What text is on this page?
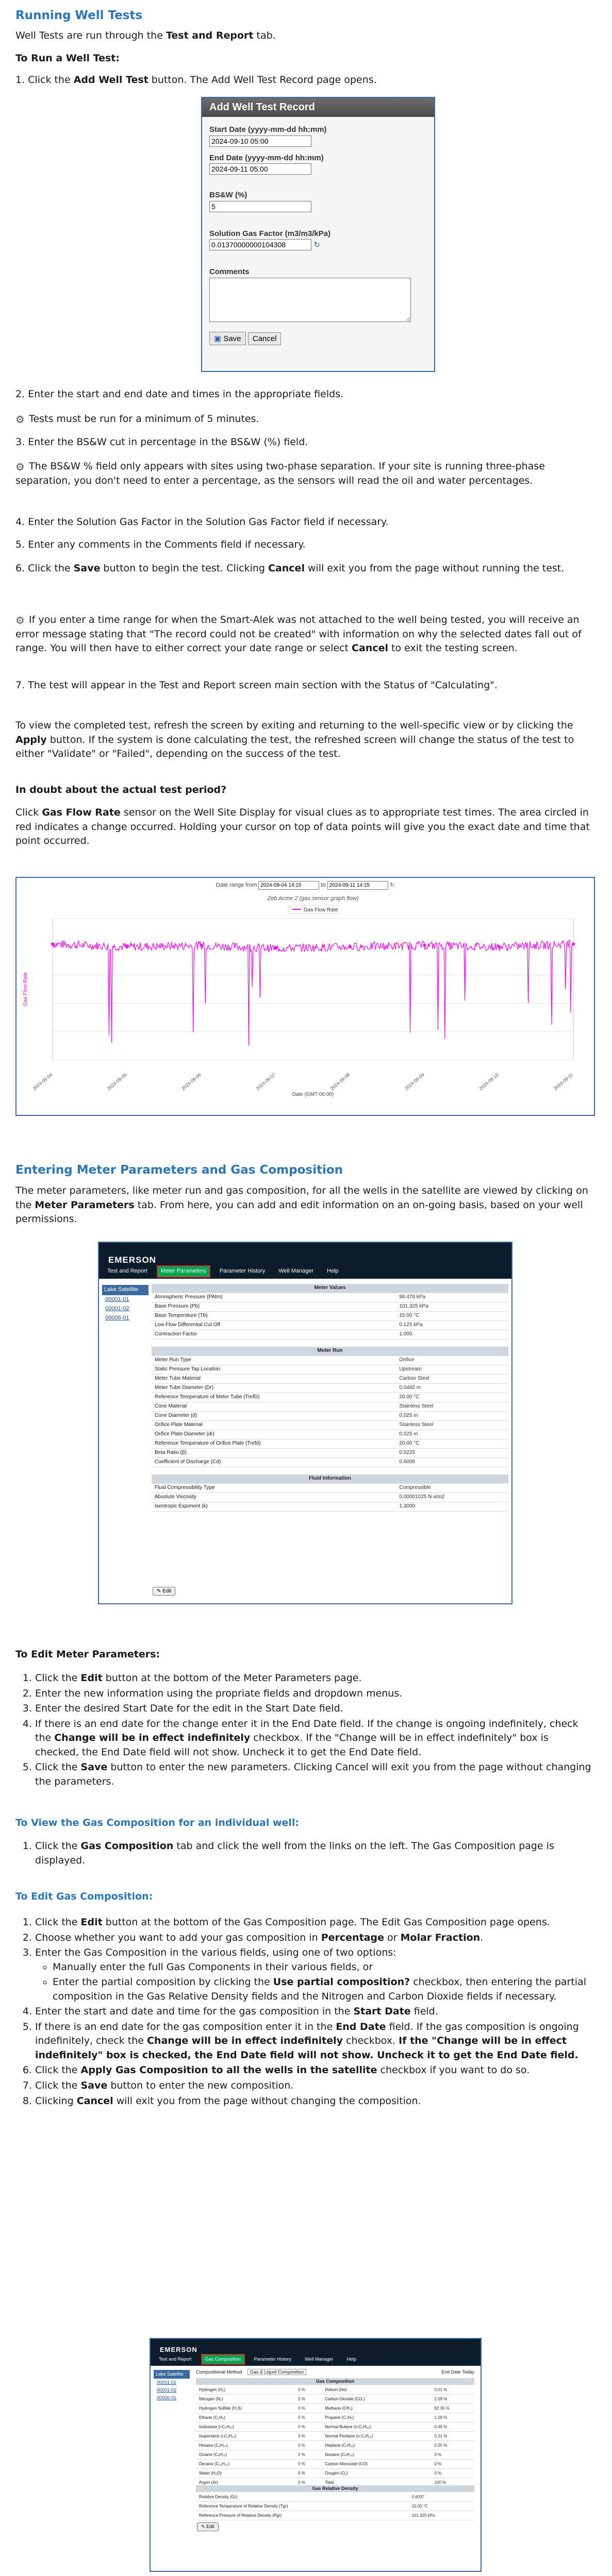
Running Well Tests

Well Tests are run through the Test and Report tab.

To Run a Well Test:

1. Click the Add Well Test button. The Add Well Test Record page opens.

Add Well Test Record
Start Date (yyyy-mm-dd hh:mm)
2024-09-10 05:00
End Date (yyyy-mm-dd hh:mm)
2024-09-11 05:00
BS&W (%)
5
Solution Gas Factor (m3/m3/kPa)
0.01370000000104308 ↻
Comments
▣ Save Cancel

2. Enter the start and end date and times in the appropriate fields.

⚙ Tests must be run for a minimum of 5 minutes.

3. Enter the BS&W cut in percentage in the BS&W (%) field.

⚙ The BS&W % field only appears with sites using two-phase separation. If your site is running three-phase separation, you don't need to enter a percentage, as the sensors will read the oil and water percentages.

4. Enter the Solution Gas Factor in the Solution Gas Factor field if necessary.

5. Enter any comments in the Comments field if necessary.

6. Click the Save button to begin the test. Clicking Cancel will exit you from the page without running the test.

⚙ If you enter a time range for when the Smart-Alek was not attached to the well being tested, you will receive an error message stating that "The record could not be created" with information on why the selected dates fall out of range. You will then have to either correct your date range or select Cancel to exit the testing screen.

7. The test will appear in the Test and Report screen main section with the Status of "Calculating".

To view the completed test, refresh the screen by exiting and returning to the well-specific view or by clicking the Apply button. If the system is done calculating the test, the refreshed screen will change the status of the test to either "Validate" or "Failed", depending on the success of the test.

In doubt about the actual test period?

Click Gas Flow Rate sensor on the Well Site Display for visual clues as to appropriate test times. The area circled in red indicates a change occurred. Holding your cursor on top of data points will give you the exact date and time that point occurred.

Date range from 2024-09-04 14:15	to 2024-09-11 14:15	↻
Zeb Acme 2 (gas sensor graph flow)
Gas Flow Rate
Date (GMT-06:00)
Gas Flow Rate
2024-09-04	2024-09-05	2024-09-06	2024-09-07	2024-09-08	2024-09-09	2024-09-10	2024-09-11
Entering Meter Parameters and Gas Composition

The meter parameters, like meter run and gas composition, for all the wells in the satellite are viewed by clicking on the Meter Parameters tab. From here, you can add and edit information on an on-going basis, based on your well permissions.

EMERSON
Test and Report	Meter Parameters	Parameter History	Well Manager	Help
Lake Satellite
00001-01
00001-02
00006-01
Meter Values	
Atmospheric Pressure (PAtm)	98.476 kPa
Base Pressure (Pb)	101.325 kPa
Base Temperature (Tb)	15.00 °C
Low Flow Differential Cut Off	0.125 kPa
Contraction Factor	1.000

Meter Run	
Meter Run Type	Orifice
Static Pressure Tap Location	Upstream
Meter Tube Material	Carbon Steel
Meter Tube Diameter (Dr)	0.0482 m
Reference Temperature of Meter Tube (TrefD)	20.00 °C
Cone Material	Stainless Steel
Cone Diameter (d)	0.025 m
Orifice Plate Material	Stainless Steel
Orifice Plate Diameter (dr)	0.025 m
Reference Temperature of Orifice Plate (Trefd)	20.00 °C
Beta Ratio (β)	0.5225
Coefficient of Discharge (Cd)	0.6000

Fluid Information	
Fluid Compressibility Type	Compressible
Absolute Viscosity	0.00001025 N·s/m2
Isentropic Exponent (k)	1.3000
✎ Edit

To Edit Meter Parameters:

1. Click the Edit button at the bottom of the Meter Parameters page.
2. Enter the new information using the propriate fields and dropdown menus.
3. Enter the desired Start Date for the edit in the Start Date field.
4. If there is an end date for the change enter it in the End Date field. If the change is ongoing indefinitely, check the Change will be in effect indefinitely checkbox. If the "Change will be in effect indefinitely" box is checked, the End Date field will not show. Uncheck it to get the End Date field.
5. Click the Save button to enter the new parameters. Clicking Cancel will exit you from the page without changing the parameters.
To View the Gas Composition for an individual well:
1. Click the Gas Composition tab and click the well from the links on the left. The Gas Composition page is displayed.
To Edit Gas Composition:
1. Click the Edit button at the bottom of the Gas Composition page. The Edit Gas Composition page opens.
2. Choose whether you want to add your gas composition in Percentage or Molar Fraction.
3. Enter the Gas Composition in the various fields, using one of two options:
◦ Manually enter the full Gas Components in their various fields, or
◦ Enter the partial composition by clicking the Use partial composition? checkbox, then entering the partial composition in the Gas Relative Density fields and the Nitrogen and Carbon Dioxide fields if necessary.
4. Enter the start and date and time for the gas composition in the Start Date field.
5. If there is an end date for the gas composition enter it in the End Date field. If the gas composition is ongoing indefinitely, check the Change will be in effect indefinitely checkbox. If the "Change will be in effect indefinitely" box is checked, the End Date field will not show. Uncheck it to get the End Date field.
6. Click the Apply Gas Composition to all the wells in the satellite checkbox if you want to do so.
7. Click the Save button to enter the new composition.
8. Clicking Cancel will exit you from the page without changing the composition.
EMERSON
Test and Report	Gas Composition	Parameter History	Well Manager	Help
Lake Satellite
00001-01
00001-02
00006-01
Compositional Method Gas & Liquid Composition	End Date Today
Gas Composition
Hydrogen (H₂)	0 %	Helium (He)	0.01 %
Nitrogen (N₂)	0 %	Carbon Dioxide (CO₂)	2.09 %
Hydrogen Sulfide (H₂S)	0 %	Methane (CH₄)	92.35 %
Ethane (C₂H₆)	0 %	Propane (C₃H₈)	1.28 %
Isobutane (i-C₄H₁₀)	0 %	Normal Butane (n-C₄H₁₀)	0.49 %
Isopentane (i-C₅H₁₂)	0 %	Normal Pentane (n-C₅H₁₂)	0.21 %
Hexane (C₆H₁₄)	0 %	Heptane (C₇H₁₆)	0.25 %
Octane (C₈H₁₈)	0 %	Nonane (C₉H₂₀)	0 %
Decane (C₁₀H₂₂)	0 %	Carbon Monoxide (CO)	0 %
Water (H₂O)	0 %	Oxygen (O₂)	0 %
Argon (Ar)	0 %	Total	100 %
Gas Relative Density
Relative Density (Gr)	0.6037
Reference Temperature of Relative Density (Tgr)	15.00 °C
Reference Pressure of Relative Density (Pgr)	101.325 kPa
✎ Edit
